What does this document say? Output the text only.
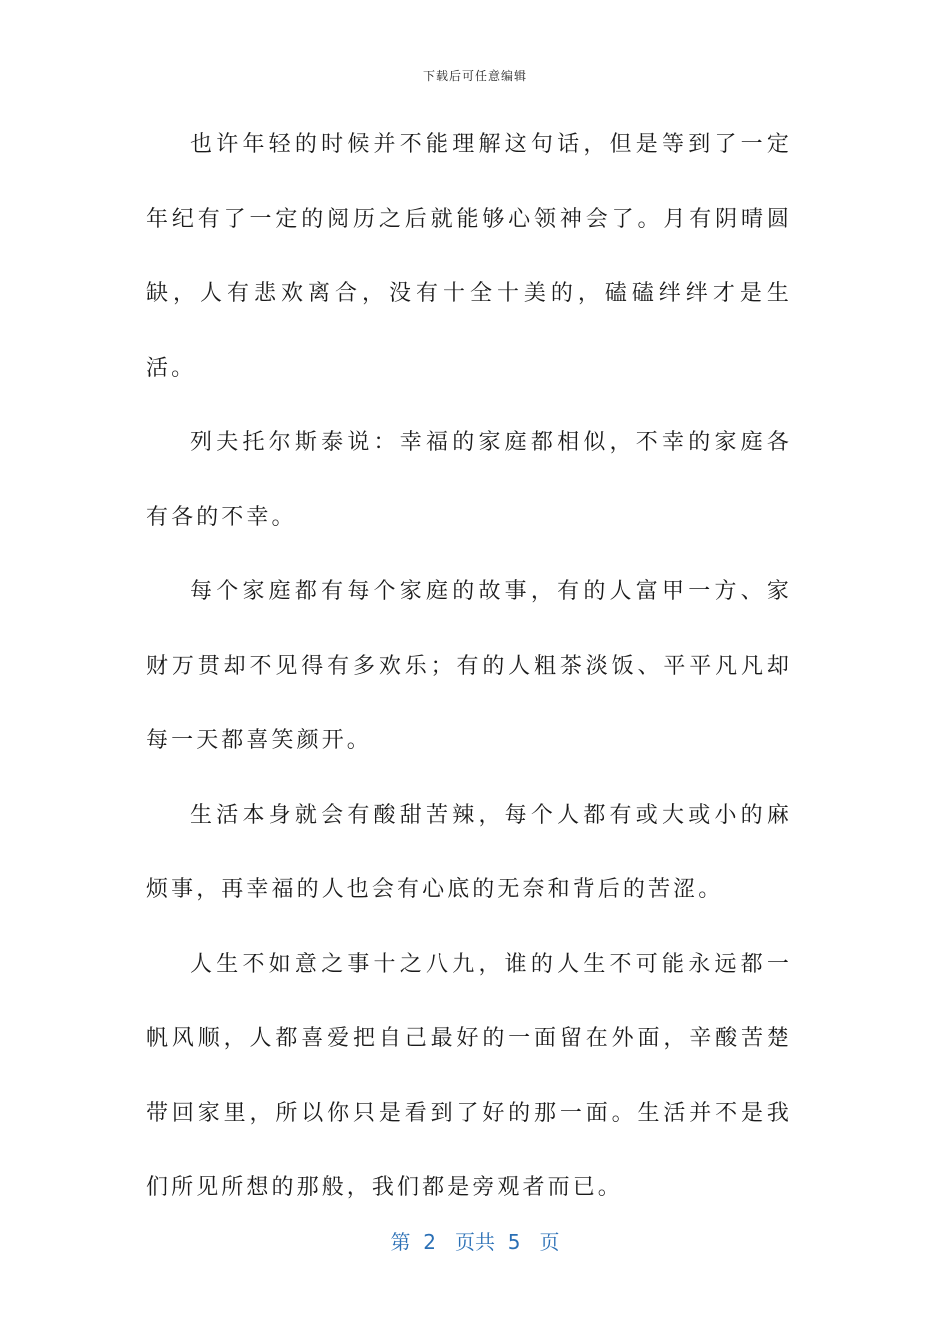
下载后可任意编辑

也许年轻的时候并不能理解这句话，但是等到了一定年纪有了一定的阅历之后就能够心领神会了。月有阴晴圆缺，人有悲欢离合，没有十全十美的，磕磕绊绊才是生活。

列夫托尔斯泰说：幸福的家庭都相似，不幸的家庭各有各的不幸。

每个家庭都有每个家庭的故事，有的人富甲一方、家财万贯却不见得有多欢乐；有的人粗茶淡饭、平平凡凡却每一天都喜笑颜开。

生活本身就会有酸甜苦辣，每个人都有或大或小的麻烦事，再幸福的人也会有心底的无奈和背后的苦涩。

人生不如意之事十之八九，谁的人生不可能永远都一帆风顺，人都喜爱把自己最好的一面留在外面，辛酸苦楚带回家里，所以你只是看到了好的那一面。生活并不是我们所见所想的那般，我们都是旁观者而已。

第 2 页共 5 页
